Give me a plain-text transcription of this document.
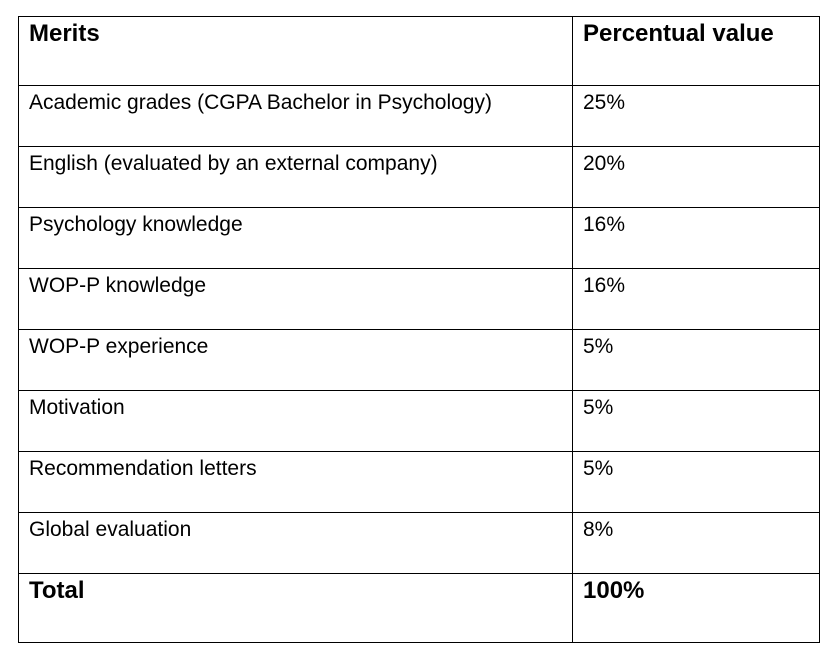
Merits	Percentual value
Academic grades (CGPA Bachelor in Psychology)	25%
English (evaluated by an external company)	20%
Psychology knowledge	16%
WOP-P knowledge	16%
WOP-P experience	5%
Motivation	5%
Recommendation letters	5%
Global evaluation	8%
Total	100%
